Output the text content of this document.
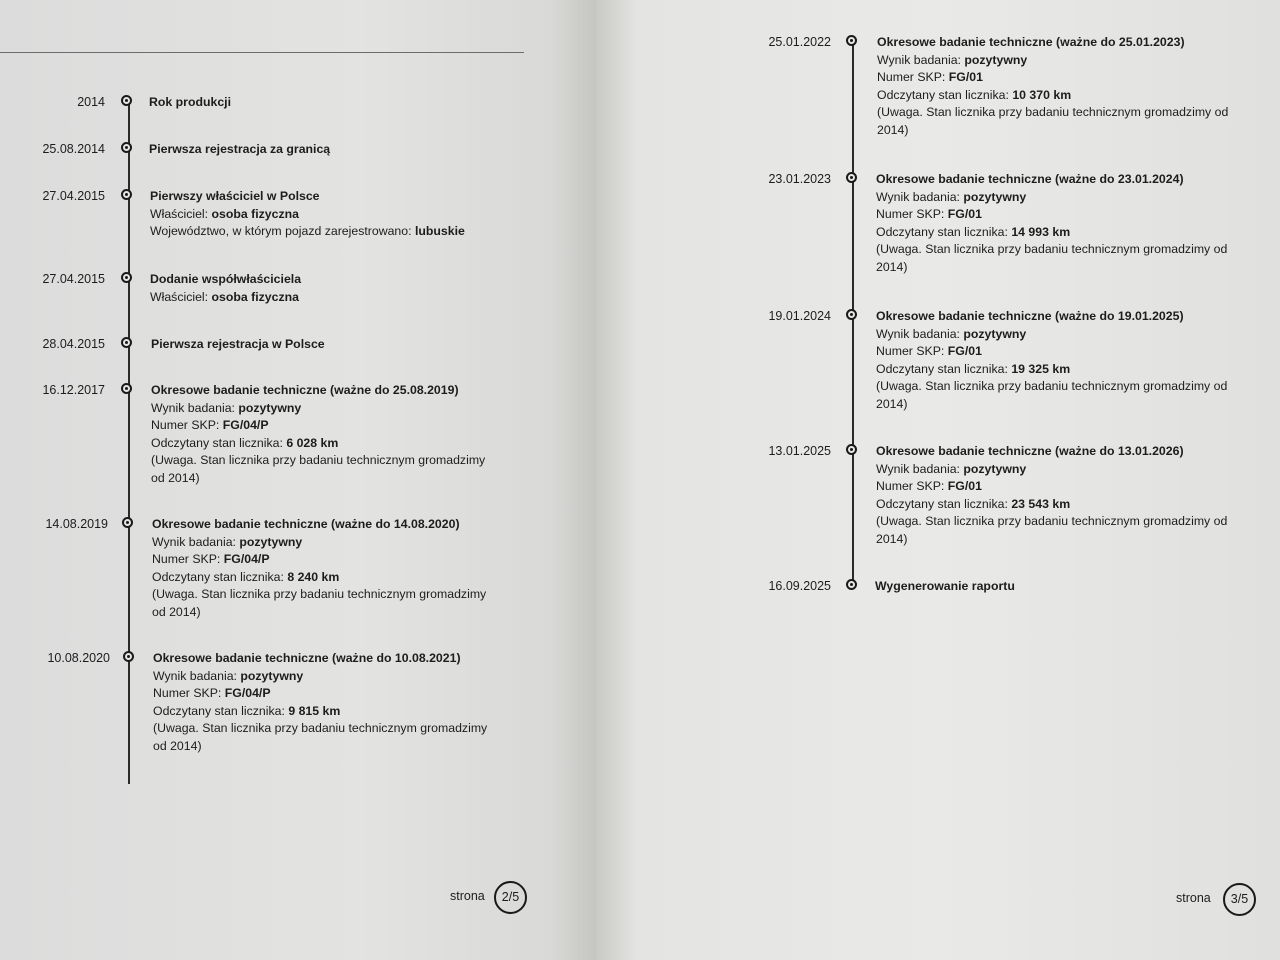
2014	Rok produkcji
25.08.2014	Pierwsza rejestracja za granicą
27.04.2015	Pierwszy właściciel w Polsce
Właściciel: osoba fizyczna
Województwo, w którym pojazd zarejestrowano: lubuskie
27.04.2015	Dodanie współwłaściciela
Właściciel: osoba fizyczna
28.04.2015	Pierwsza rejestracja w Polsce
16.12.2017	Okresowe badanie techniczne (ważne do 25.08.2019)
Wynik badania: pozytywny
Numer SKP: FG/04/P
Odczytany stan licznika: 6 028 km
(Uwaga. Stan licznika przy badaniu technicznym gromadzimy od 2014)
14.08.2019	Okresowe badanie techniczne (ważne do 14.08.2020)
Wynik badania: pozytywny
Numer SKP: FG/04/P
Odczytany stan licznika: 8 240 km
(Uwaga. Stan licznika przy badaniu technicznym gromadzimy od 2014)
10.08.2020	Okresowe badanie techniczne (ważne do 10.08.2021)
Wynik badania: pozytywny
Numer SKP: FG/04/P
Odczytany stan licznika: 9 815 km
(Uwaga. Stan licznika przy badaniu technicznym gromadzimy od 2014)
strona	2/5
25.01.2022	Okresowe badanie techniczne (ważne do 25.01.2023)
Wynik badania: pozytywny
Numer SKP: FG/01
Odczytany stan licznika: 10 370 km
(Uwaga. Stan licznika przy badaniu technicznym gromadzimy od 2014)
23.01.2023	Okresowe badanie techniczne (ważne do 23.01.2024)
Wynik badania: pozytywny
Numer SKP: FG/01
Odczytany stan licznika: 14 993 km
(Uwaga. Stan licznika przy badaniu technicznym gromadzimy od 2014)
19.01.2024	Okresowe badanie techniczne (ważne do 19.01.2025)
Wynik badania: pozytywny
Numer SKP: FG/01
Odczytany stan licznika: 19 325 km
(Uwaga. Stan licznika przy badaniu technicznym gromadzimy od 2014)
13.01.2025	Okresowe badanie techniczne (ważne do 13.01.2026)
Wynik badania: pozytywny
Numer SKP: FG/01
Odczytany stan licznika: 23 543 km
(Uwaga. Stan licznika przy badaniu technicznym gromadzimy od 2014)
16.09.2025	Wygenerowanie raportu
strona	3/5
